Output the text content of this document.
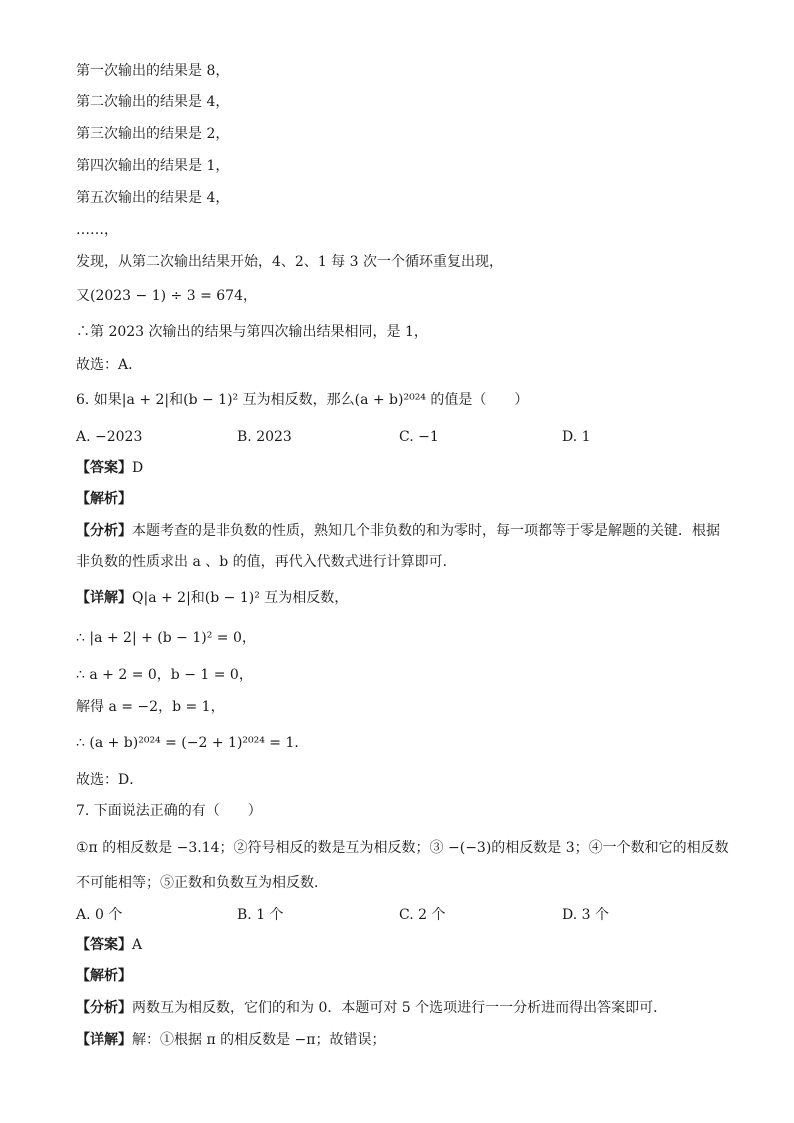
第一次输出的结果是 8，
第二次输出的结果是 4，
第三次输出的结果是 2，
第四次输出的结果是 1，
第五次输出的结果是 4，
……，
发现，从第二次输出结果开始，4、2、1 每 3 次一个循环重复出现，
又(2023 − 1) ÷ 3 = 674，
∴第 2023 次输出的结果与第四次输出结果相同，是 1，
故选：A．
6. 如果|a + 2|和(b − 1)² 互为相反数，那么(a + b)²⁰²⁴ 的值是（　　）
A. −2023	B. 2023	C. −1	D. 1
【答案】D
【解析】
【分析】本题考查的是非负数的性质，熟知几个非负数的和为零时，每一项都等于零是解题的关键．根据
非负数的性质求出 a 、b 的值，再代入代数式进行计算即可．
【详解】Q|a + 2|和(b − 1)² 互为相反数，
∴ |a + 2| + (b − 1)² = 0，
∴ a + 2 = 0，b − 1 = 0，
解得 a = −2，b = 1，
∴ (a + b)²⁰²⁴ = (−2 + 1)²⁰²⁴ = 1．
故选：D．
7. 下面说法正确的有（　　）
①π 的相反数是 −3.14；②符号相反的数是互为相反数；③ −(−3)的相反数是 3；④一个数和它的相反数
不可能相等；⑤正数和负数互为相反数．
A. 0 个	B. 1 个	C. 2 个	D. 3 个
【答案】A
【解析】
【分析】两数互为相反数，它们的和为 0．本题可对 5 个选项进行一一分析进而得出答案即可．
【详解】解：①根据 π 的相反数是 −π；故错误；
